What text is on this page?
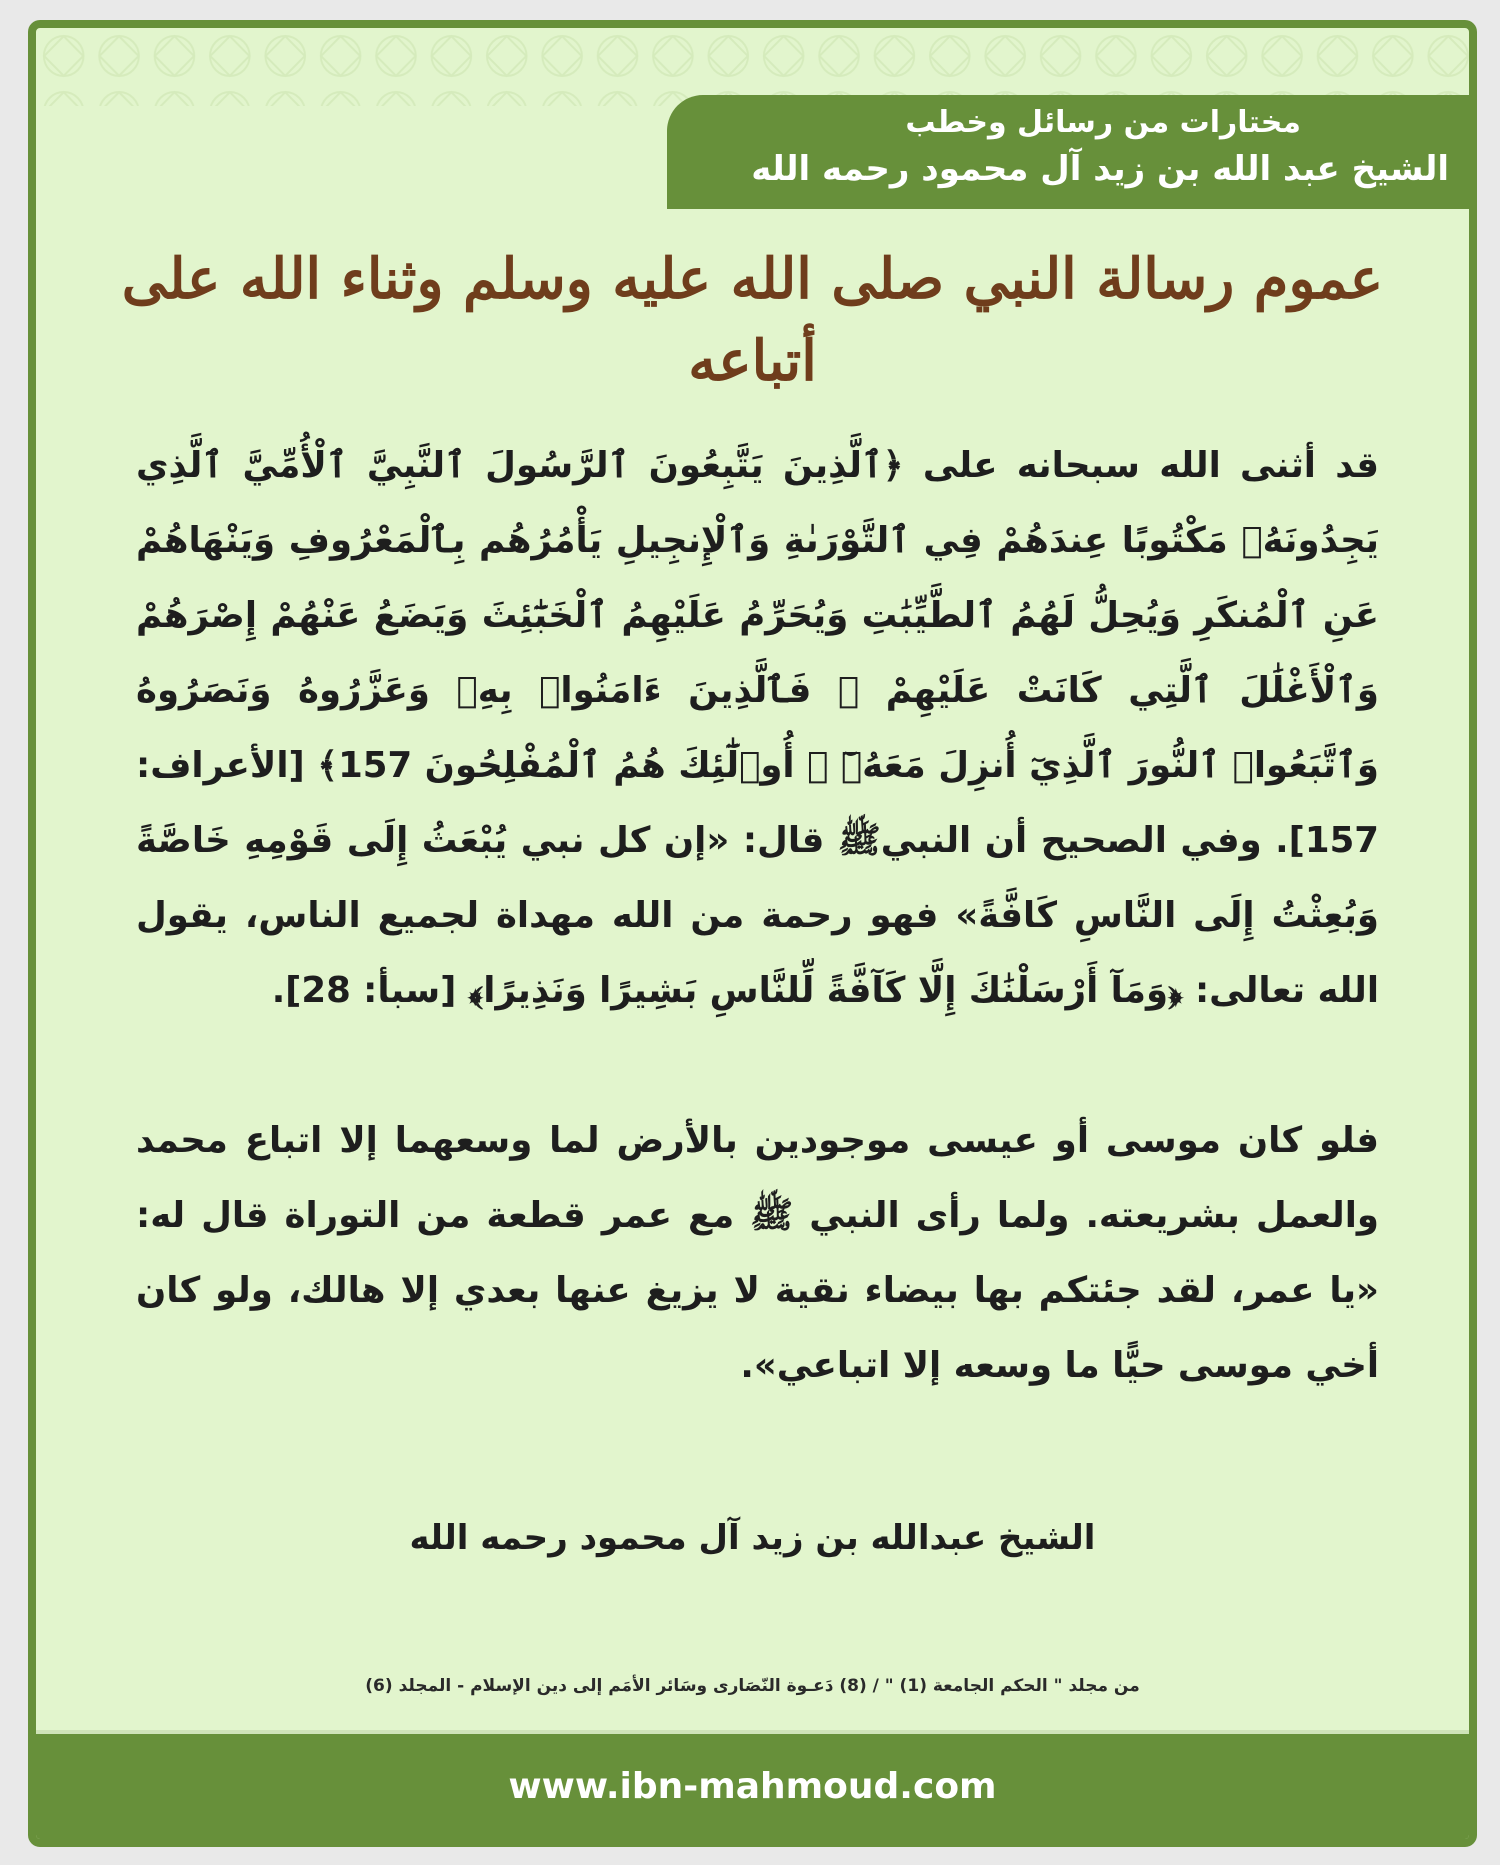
مختارات من رسائل وخطب
الشيخ عبد الله بن زيد آل محمود رحمه الله
عموم رسالة النبي صلى الله عليه وسلم وثناء الله على أتباعه

قد أثنى الله سبحانه على ﴿ٱلَّذِينَ يَتَّبِعُونَ ٱلرَّسُولَ ٱلنَّبِيَّ ٱلْأُمِّيَّ ٱلَّذِي يَجِدُونَهُۥ مَكْتُوبًا عِندَهُمْ فِي ٱلتَّوْرَىٰةِ وَٱلْإِنجِيلِ يَأْمُرُهُم بِٱلْمَعْرُوفِ وَيَنْهَاهُمْ عَنِ ٱلْمُنكَرِ وَيُحِلُّ لَهُمُ ٱلطَّيِّبَٰتِ وَيُحَرِّمُ عَلَيْهِمُ ٱلْخَبَٰٓئِثَ وَيَضَعُ عَنْهُمْ إِصْرَهُمْ وَٱلْأَغْلَٰلَ ٱلَّتِي كَانَتْ عَلَيْهِمْ ۚ فَٱلَّذِينَ ءَامَنُوا۟ بِهِۦ وَعَزَّرُوهُ وَنَصَرُوهُ وَٱتَّبَعُوا۟ ٱلنُّورَ ٱلَّذِيٓ أُنزِلَ مَعَهُۥٓ ۙ أُو۟لَٰٓئِكَ هُمُ ٱلْمُفْلِحُونَ 157﴾ [الأعراف: 157]. وفي الصحيح أن النبيﷺ قال: «إن كل نبي يُبْعَثُ إِلَى قَوْمِهِ خَاصَّةً وَبُعِثْتُ إِلَى النَّاسِ كَافَّةً» فهو رحمة من الله مهداة لجميع الناس، يقول الله تعالى: ﴿وَمَآ أَرْسَلْنَٰكَ إِلَّا كَآفَّةً لِّلنَّاسِ بَشِيرًا وَنَذِيرًا﴾ [سبأ: 28].

فلو كان موسى أو عيسى موجودين بالأرض لما وسعهما إلا اتباع محمد والعمل بشريعته. ولما رأى النبي ﷺ مع عمر قطعة من التوراة قال له: «يا عمر، لقد جئتكم بها بيضاء نقية لا يزيغ عنها بعدي إلا هالك، ولو كان أخي موسى حيًّا ما وسعه إلا اتباعي».

الشيخ عبدالله بن زيد آل محمود رحمه الله
من مجلد " الحكم الجامعة (1) " / (8) دَعـوة النّصَارى وسَائر الأمَم إلى دين الإسلام - المجلد (6)
www.ibn-mahmoud.com
